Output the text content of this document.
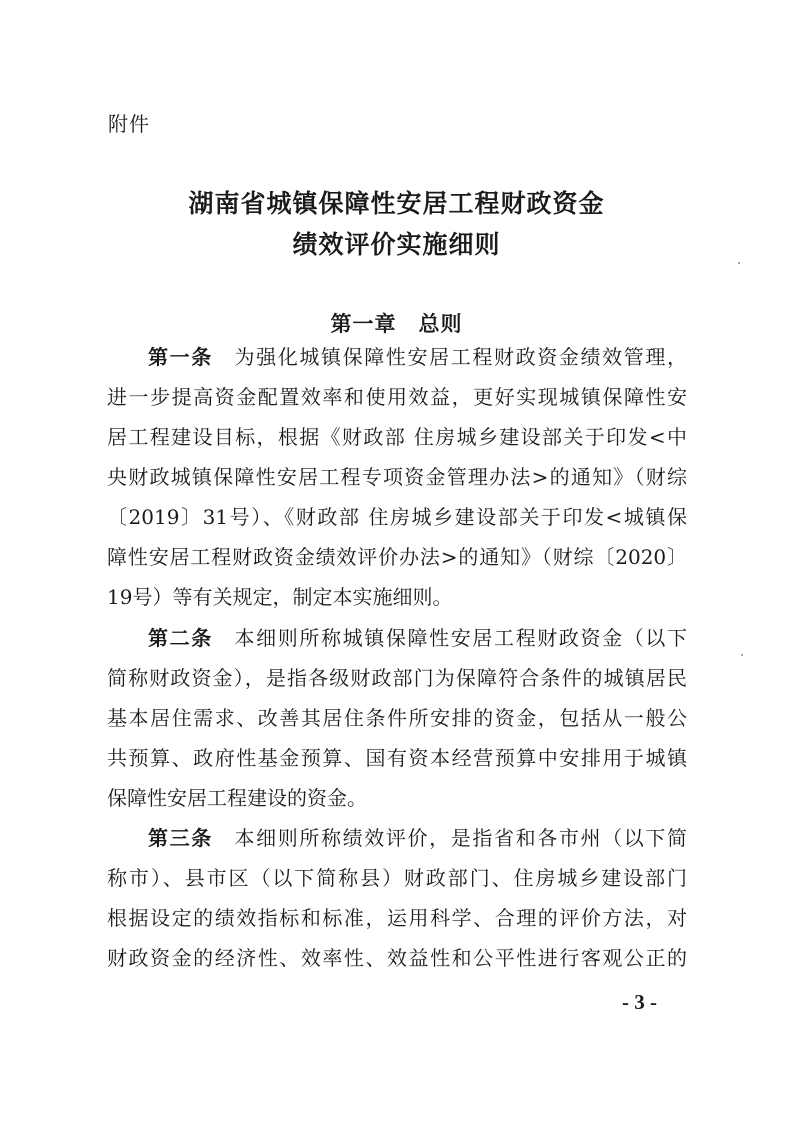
附件
湖南省城镇保障性安居工程财政资金
绩效评价实施细则
第一章　总则
第一条　 为强化城镇保障性安居工程财政资金绩效管理，
进一步提高资金配置效率和使用效益，更好实现城镇保障性安
居工程建设目标，根据《财政部 住房城乡建设部关于印发<中
央财政城镇保障性安居工程专项资金管理办法>的通知》（财综
〔2019〕31号）、《财政部 住房城乡建设部关于印发<城镇保
障性安居工程财政资金绩效评价办法>的通知》（财综〔2020〕
19号）等有关规定，制定本实施细则。
第二条　 本细则所称城镇保障性安居工程财政资金（以下
简称财政资金），是指各级财政部门为保障符合条件的城镇居民
基本居住需求、改善其居住条件所安排的资金，包括从一般公
共预算、政府性基金预算、国有资本经营预算中安排用于城镇
保障性安居工程建设的资金。
第三条　 本细则所称绩效评价，是指省和各市州（以下简
称市）、县市区（以下简称县）财政部门、住房城乡建设部门
根据设定的绩效指标和标准，运用科学、合理的评价方法，对
财政资金的经济性、效率性、效益性和公平性进行客观公正的
- 3 -
